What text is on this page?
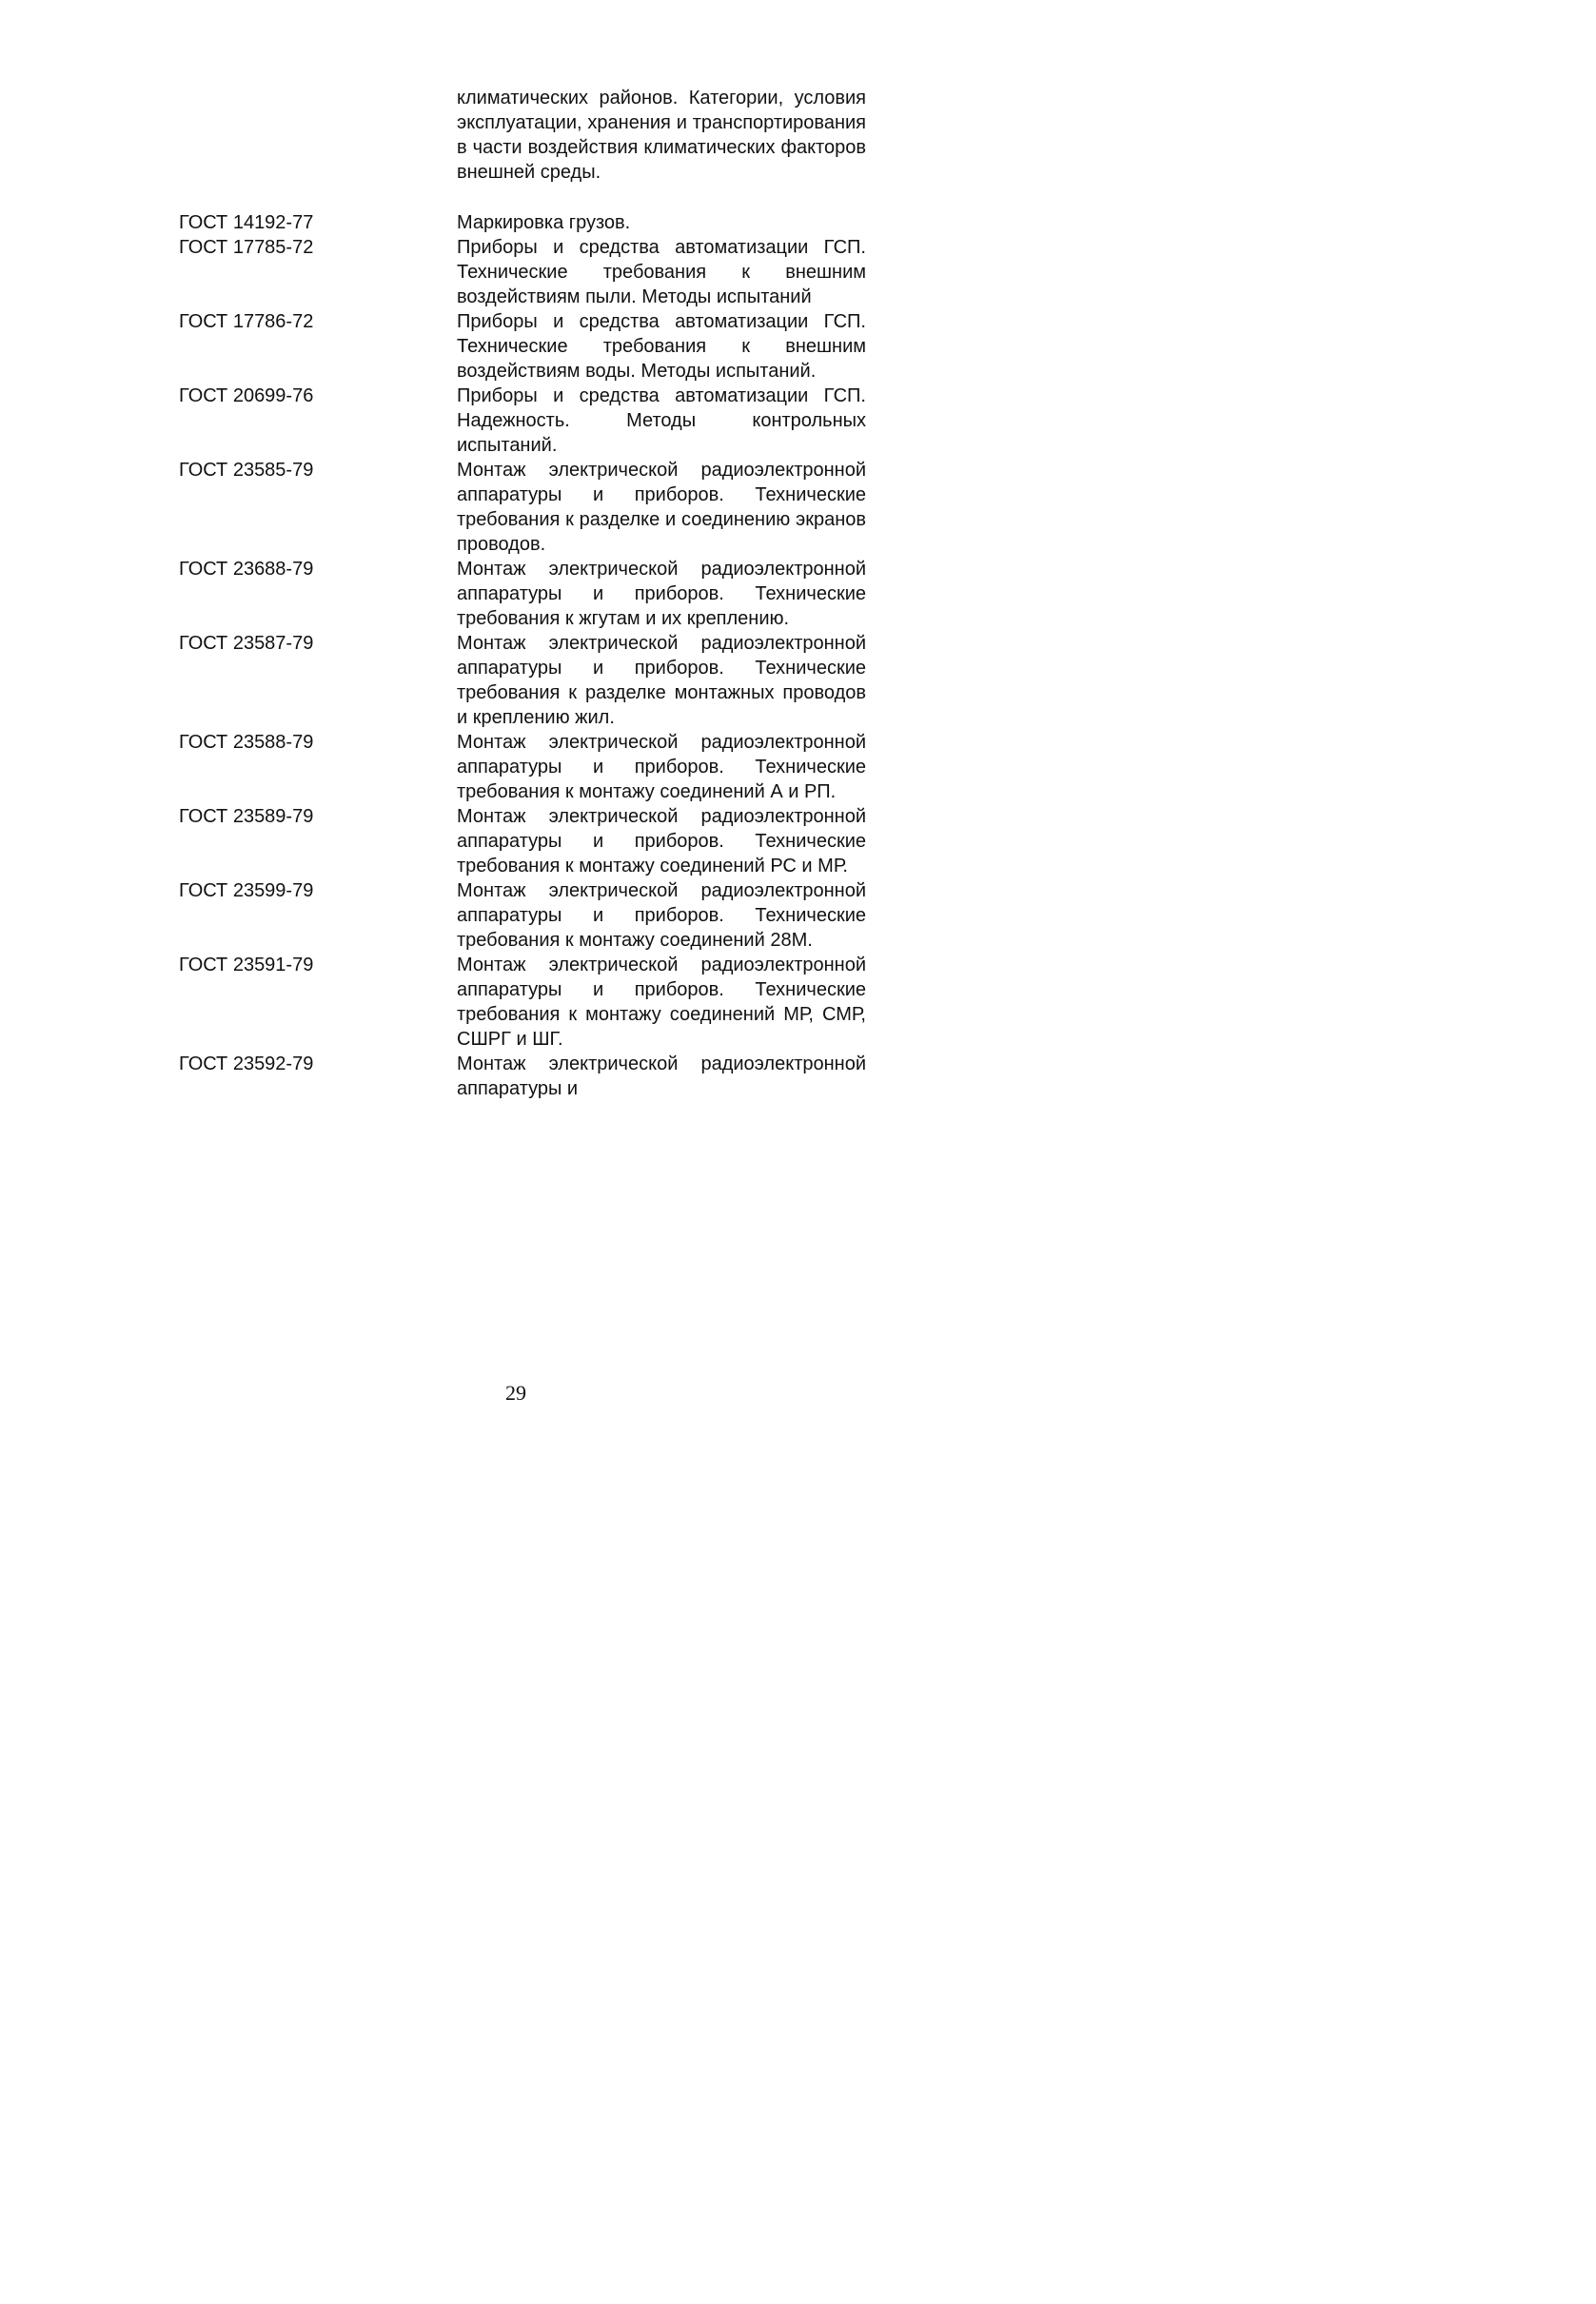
климатических районов. Категории, условия эксплуатации, хранения и транспортирования в части воздействия климатических факторов внешней среды.
ГОСТ 14192-77	Маркировка грузов.
ГОСТ 17785-72	Приборы и средства автоматизации ГСП. Технические требования к внешним воздействиям пыли. Методы испытаний
ГОСТ 17786-72	Приборы и средства автоматизации ГСП. Технические требования к внешним воздействиям воды. Методы испытаний.
ГОСТ 20699-76	Приборы и средства автоматизации ГСП. Надежность. Методы контрольных испытаний.
ГОСТ 23585-79	Монтаж электрической радиоэлектронной аппаратуры и приборов. Технические требования к разделке и соединению экранов проводов.
ГОСТ 23688-79	Монтаж электрической радиоэлектронной аппаратуры и приборов. Технические требования к жгутам и их креплению.
ГОСТ 23587-79	Монтаж электрической радиоэлектронной аппаратуры и приборов. Технические требования к разделке монтажных проводов и креплению жил.
ГОСТ 23588-79	Монтаж электрической радиоэлектронной аппаратуры и приборов. Технические требования к монтажу соединений А и РП.
ГОСТ 23589-79	Монтаж электрической радиоэлектронной аппаратуры и приборов. Технические требования к монтажу соединений РС и МР.
ГОСТ 23599-79	Монтаж электрической радиоэлектронной аппаратуры и приборов. Технические требования к монтажу соединений 28М.
ГОСТ 23591-79	Монтаж электрической радиоэлектронной аппаратуры и приборов. Технические требования к монтажу соединений МР, СМР, СШРГ и ШГ.
ГОСТ 23592-79	Монтаж электрической радиоэлектронной аппаратуры и
29
